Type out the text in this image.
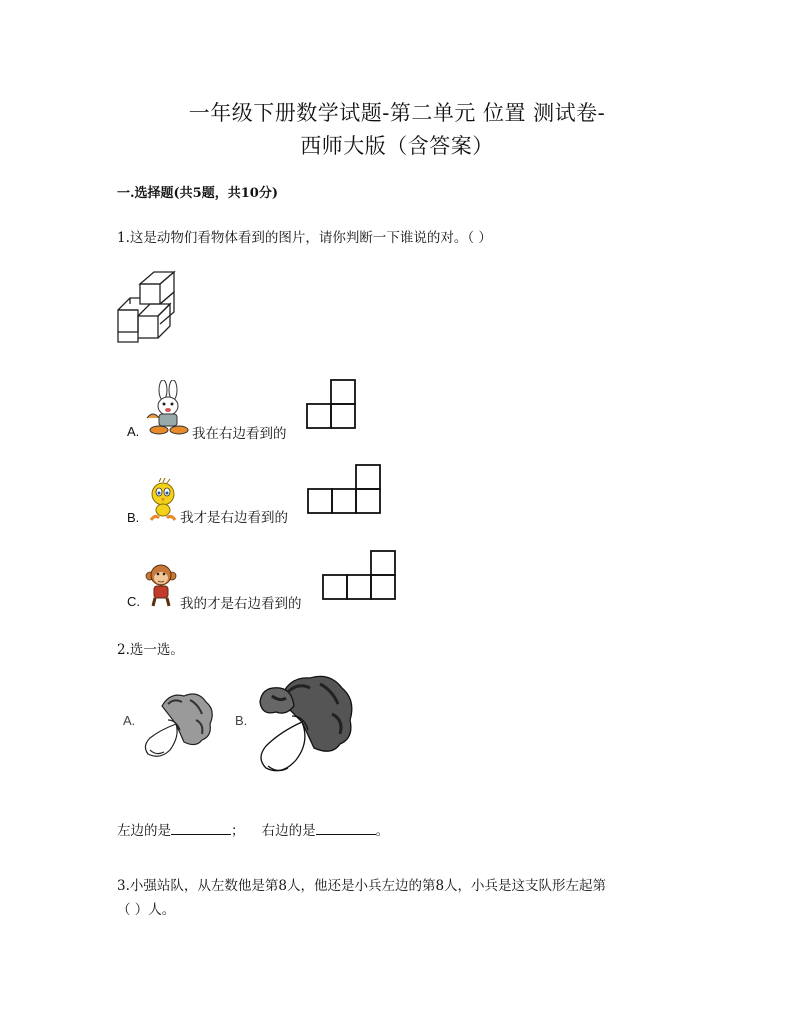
一年级下册数学试题-第二单元 位置 测试卷-
西师大版（含答案）
一.选择题(共5题，共10分)
1.这是动物们看物体看到的图片，请你判断一下谁说的对。（ ）
A.	我在右边看到的
B.	我才是右边看到的
C.	我的才是右边看到的
2.选一选。
A.	B.
左边的是	； 右边的是	。
3.小强站队，从左数他是第8人，他还是小兵左边的第8人，小兵是这支队形左起第
（ ）人。
